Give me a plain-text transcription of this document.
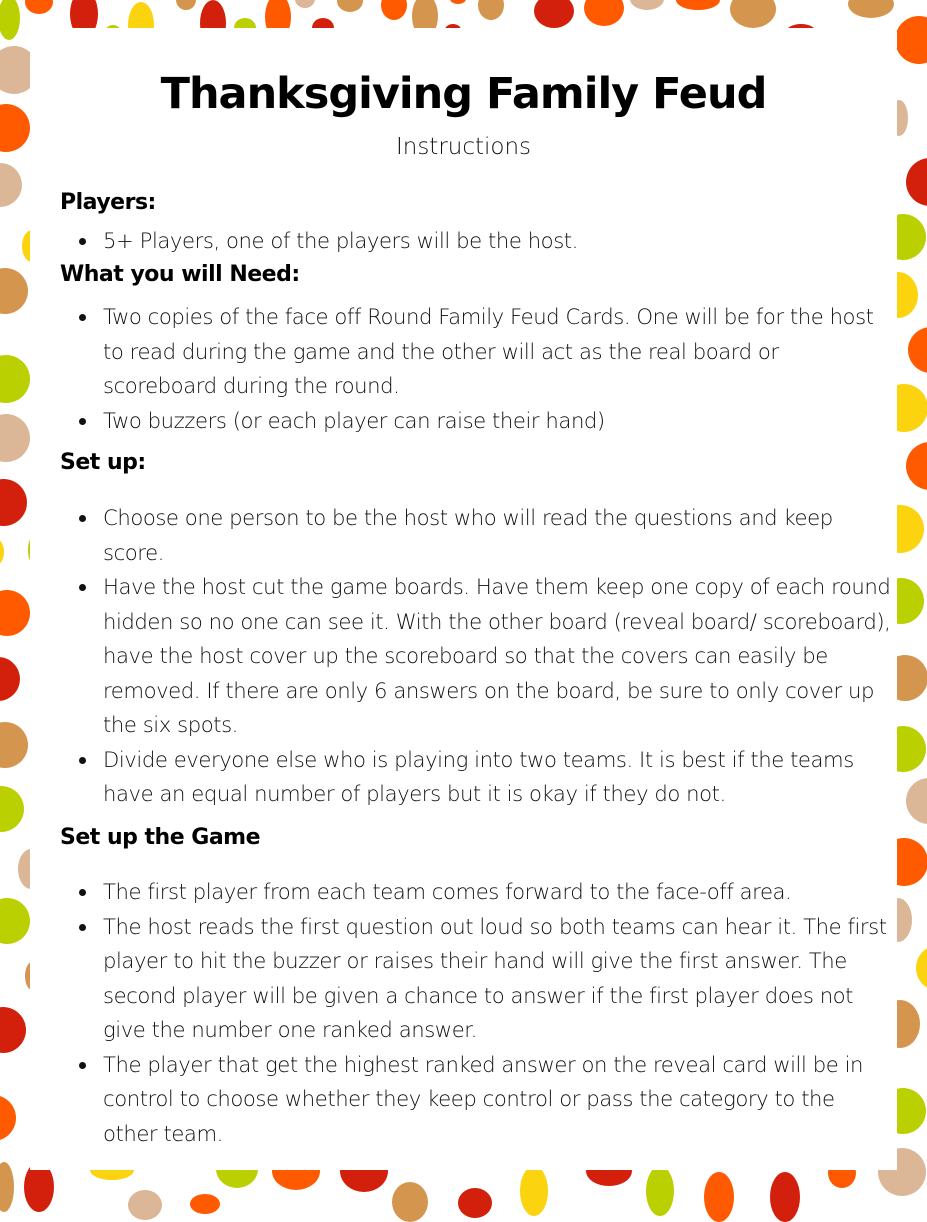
Thanksgiving Family Feud
Instructions
Players:
5+ Players, one of the players will be the host.
What you will Need:
Two copies of the face off Round Family Feud Cards. One will be for the host to read during the game and the other will act as the real board or scoreboard during the round.
Two buzzers (or each player can raise their hand)
Set up:
Choose one person to be the host who will read the questions and keep score.
Have the host cut the game boards. Have them keep one copy of each round hidden so no one can see it. With the other board (reveal board/ scoreboard), have the host cover up the scoreboard so that the covers can easily be removed. If there are only 6 answers on the board, be sure to only cover up the six spots.
Divide everyone else who is playing into two teams. It is best if the teams have an equal number of players but it is okay if they do not.
Set up the Game
The first player from each team comes forward to the face-off area.
The host reads the first question out loud so both teams can hear it. The first player to hit the buzzer or raises their hand will give the first answer. The second player will be given a chance to answer if the first player does not give the number one ranked answer.
The player that get the highest ranked answer on the reveal card will be in control to choose whether they keep control or pass the category to the other team.
